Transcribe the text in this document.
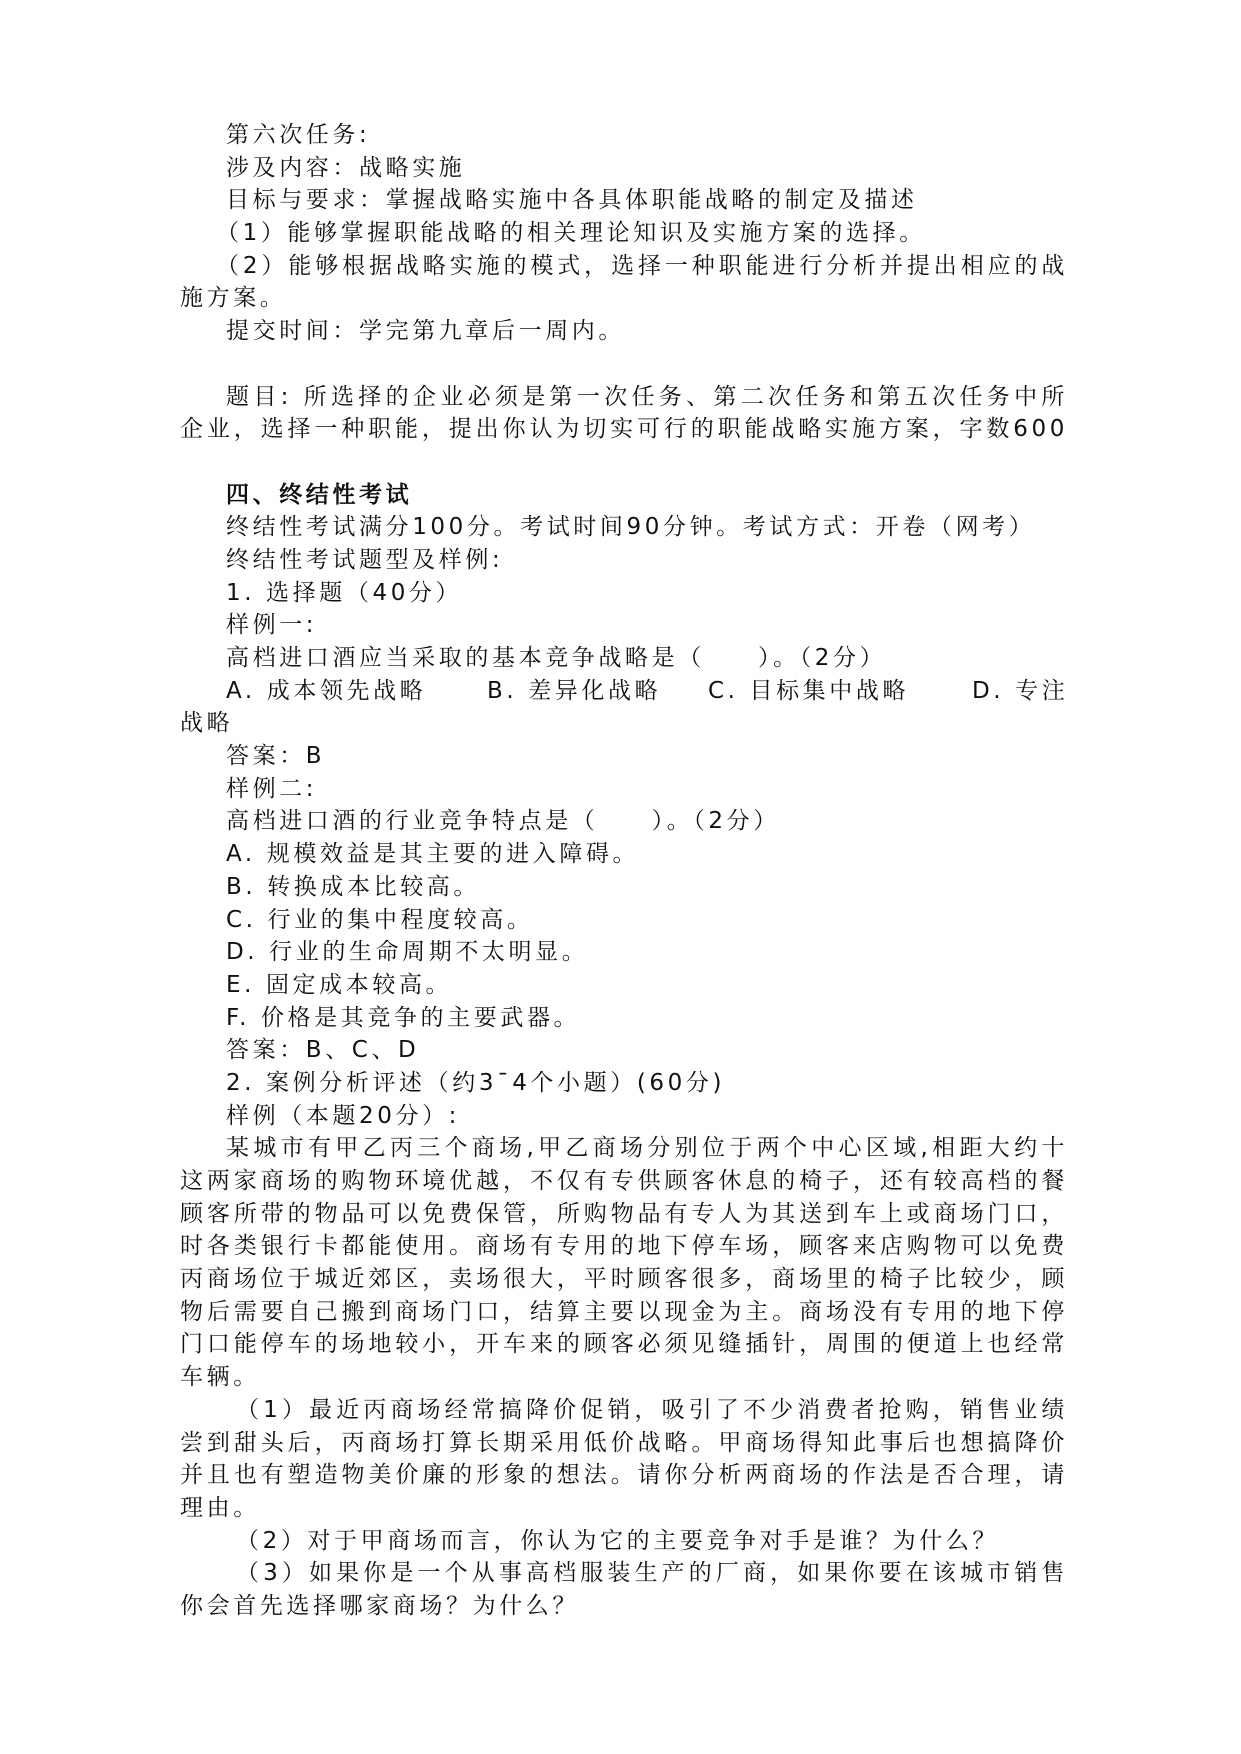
第六次任务:
涉及内容：战略实施
目标与要求：掌握战略实施中各具体职能战略的制定及描述
（1）能够掌握职能战略的相关理论知识及实施方案的选择。
（2）能够根据战略实施的模式，选择一种职能进行分析并提出相应的战
施方案。
提交时间：学完第九章后一周内。
题目: 所选择的企业必须是第一次任务、第二次任务和第五次任务中所
企业，选择一种职能，提出你认为切实可行的职能战略实施方案，字数600
四、终结性考试
终结性考试满分100分。考试时间90分钟。考试方式：开卷（网考）
终结性考试题型及样例:
1. 选择题（40分）
样例一:
高档进口酒应当采取的基本竞争战略是（　　）。（2分）
A. 成本领先战略	B. 差异化战略 C. 目标集中战略	D. 专注
战略
答案：B
样例二:
高档进口酒的行业竞争特点是（　　）。（2分）
A. 规模效益是其主要的进入障碍。
B. 转换成本比较高。
C. 行业的集中程度较高。
D. 行业的生命周期不太明显。
E. 固定成本较高。
F. 价格是其竞争的主要武器。
答案：B、C、D
2. 案例分析评述（约3¯4个小题）(60分)
样例（本题20分）:
某城市有甲乙丙三个商场,甲乙商场分别位于两个中心区域,相距大约十
这两家商场的购物环境优越，不仅有专供顾客休息的椅子，还有较高档的餐
顾客所带的物品可以免费保管，所购物品有专人为其送到车上或商场门口，
时各类银行卡都能使用。商场有专用的地下停车场，顾客来店购物可以免费
丙商场位于城近郊区，卖场很大，平时顾客很多，商场里的椅子比较少，顾
物后需要自己搬到商场门口，结算主要以现金为主。商场没有专用的地下停
门口能停车的场地较小，开车来的顾客必须见缝插针，周围的便道上也经常
车辆。
（1）最近丙商场经常搞降价促销，吸引了不少消费者抢购，销售业绩
尝到甜头后，丙商场打算长期采用低价战略。甲商场得知此事后也想搞降价
并且也有塑造物美价廉的形象的想法。请你分析两商场的作法是否合理，请
理由。
（2）对于甲商场而言，你认为它的主要竞争对手是谁？为什么？
（3）如果你是一个从事高档服装生产的厂商，如果你要在该城市销售
你会首先选择哪家商场？为什么？
